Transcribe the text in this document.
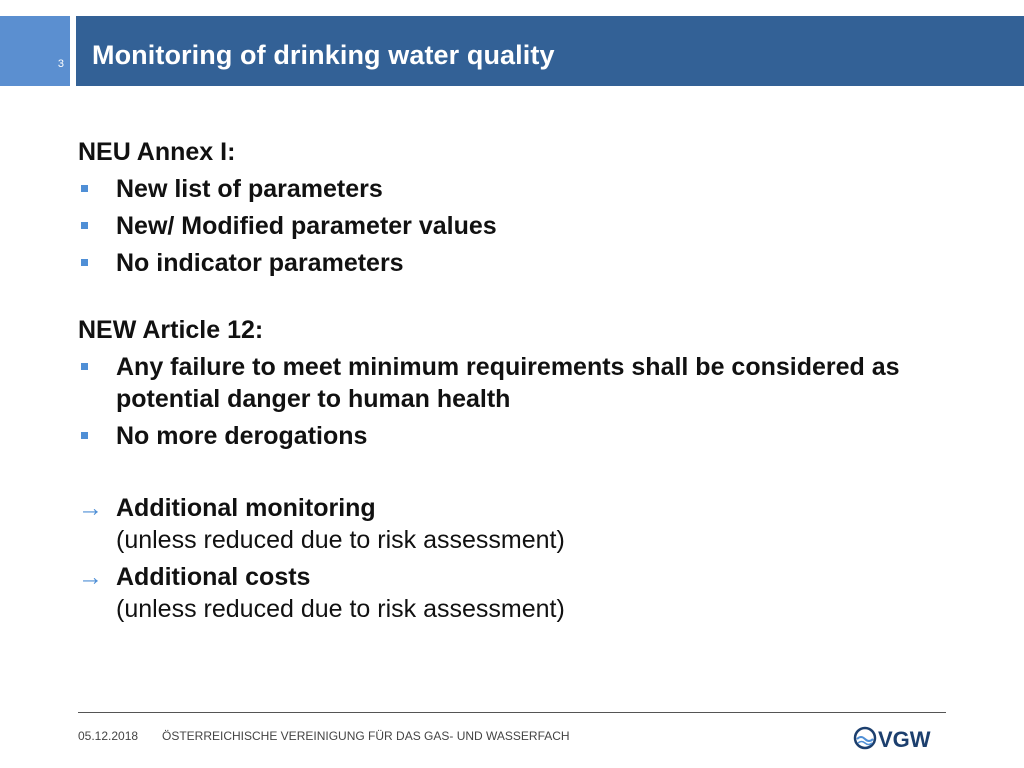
3 Monitoring of drinking water quality
NEU Annex I:
New list of parameters
New/ Modified parameter values
No indicator parameters
NEW Article 12:
Any failure to meet minimum requirements shall be considered as potential danger to human health
No more derogations
→ Additional monitoring
(unless reduced due to risk assessment)
→ Additional costs
(unless reduced due to risk assessment)
05.12.2018 ÖSTERREICHISCHE VEREINIGUNG FÜR DAS GAS- UND WASSERFACH	VGW
